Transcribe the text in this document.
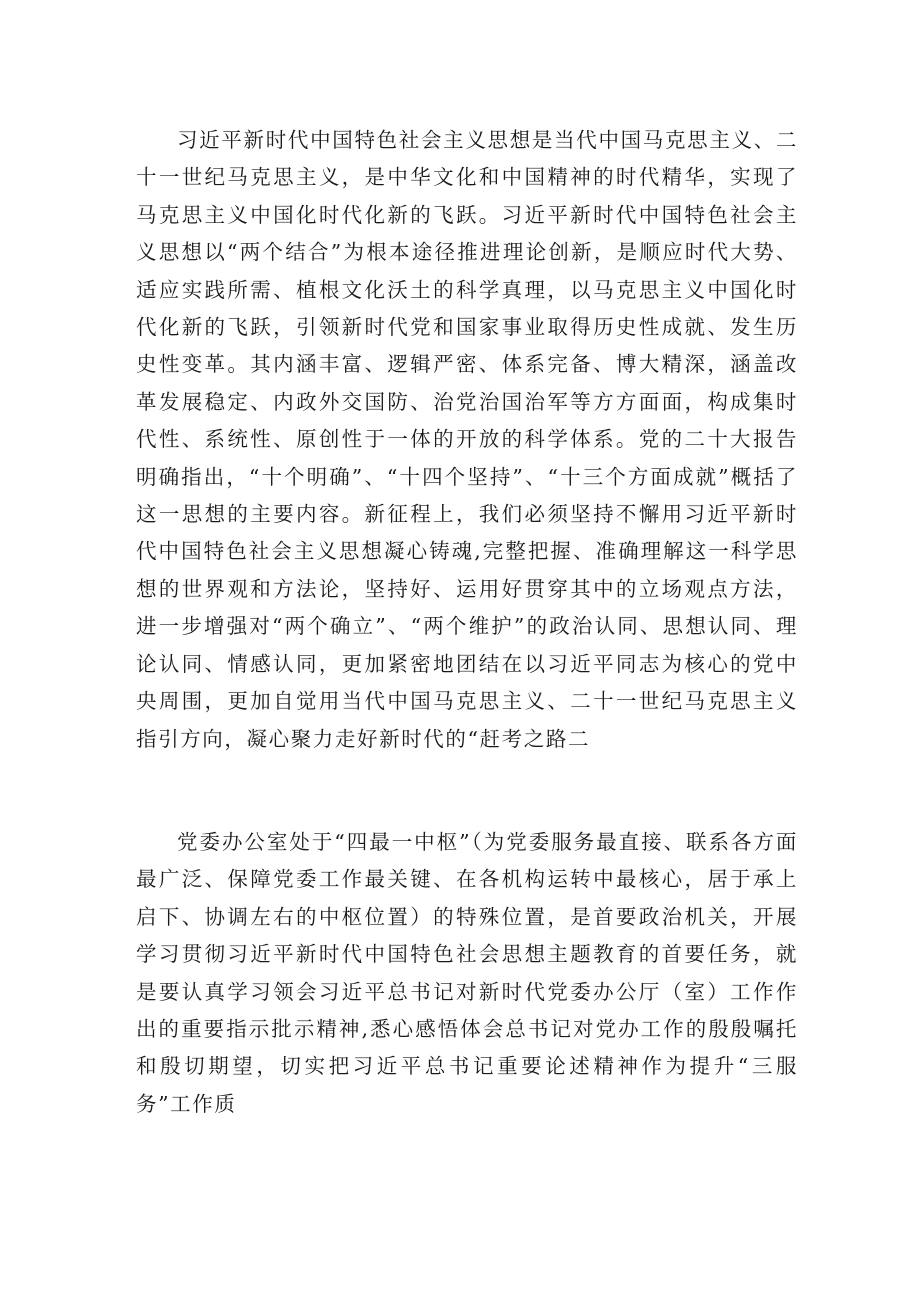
习近平新时代中国特色社会主义思想是当代中国马克思主义、二十一世纪马克思主义，是中华文化和中国精神的时代精华，实现了马克思主义中国化时代化新的飞跃。习近平新时代中国特色社会主义思想以“两个结合”为根本途径推进理论创新，是顺应时代大势、适应实践所需、植根文化沃土的科学真理，以马克思主义中国化时代化新的飞跃，引领新时代党和国家事业取得历史性成就、发生历史性变革。其内涵丰富、逻辑严密、体系完备、博大精深，涵盖改革发展稳定、内政外交国防、治党治国治军等方方面面，构成集时代性、系统性、原创性于一体的开放的科学体系。党的二十大报告明确指出，“十个明确”、“十四个坚持”、“十三个方面成就”概括了这一思想的主要内容。新征程上，我们必须坚持不懈用习近平新时代中国特色社会主义思想凝心铸魂,完整把握、准确理解这一科学思想的世界观和方法论，坚持好、运用好贯穿其中的立场观点方法，进一步增强对“两个确立”、“两个维护”的政治认同、思想认同、理论认同、情感认同，更加紧密地团结在以习近平同志为核心的党中央周围，更加自觉用当代中国马克思主义、二十一世纪马克思主义指引方向，凝心聚力走好新时代的“赶考之路二

党委办公室处于“四最一中枢”（为党委服务最直接、联系各方面最广泛、保障党委工作最关键、在各机构运转中最核心，居于承上启下、协调左右的中枢位置）的特殊位置，是首要政治机关，开展学习贯彻习近平新时代中国特色社会思想主题教育的首要任务，就是要认真学习领会习近平总书记对新时代党委办公厅（室）工作作出的重要指示批示精神,悉心感悟体会总书记对党办工作的殷殷嘱托和殷切期望，切实把习近平总书记重要论述精神作为提升“三服务”工作质
